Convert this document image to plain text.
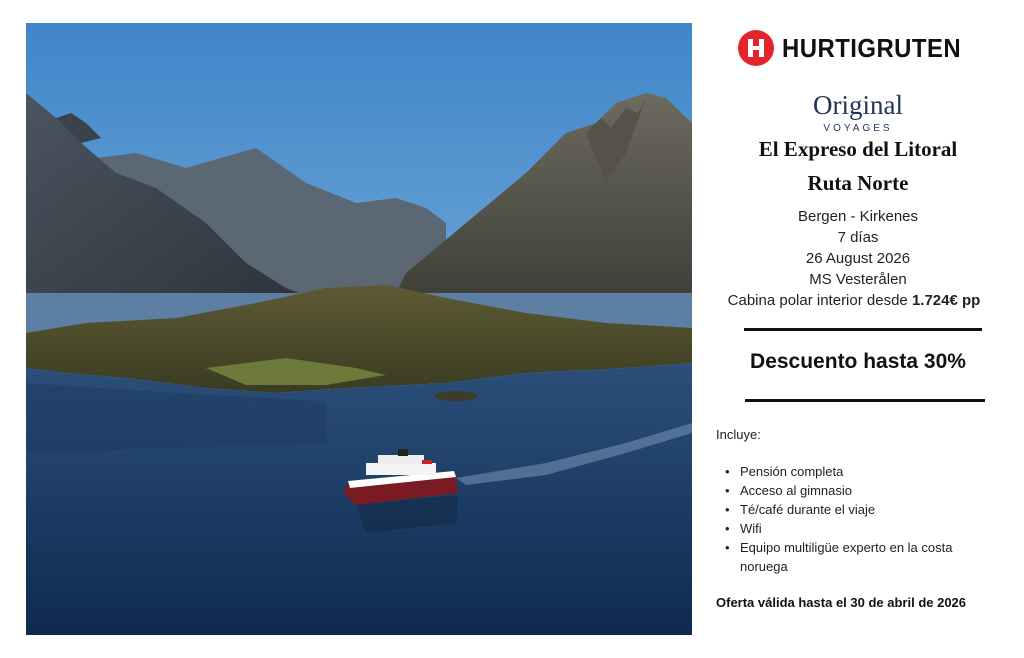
HURTIGRUTEN
Original
VOYAGES
El Expreso del Litoral
Ruta Norte
Bergen - Kirkenes
7 días
26 August 2026
MS Vesterålen
Cabina polar interior desde 1.724€ pp
Descuento hasta 30%
Incluye:
• Pensión completa
• Acceso al gimnasio
• Té/café durante el viaje
• Wifi
• Equipo multiligüe experto en la costa noruega
Oferta válida hasta el 30 de abril de 2026
